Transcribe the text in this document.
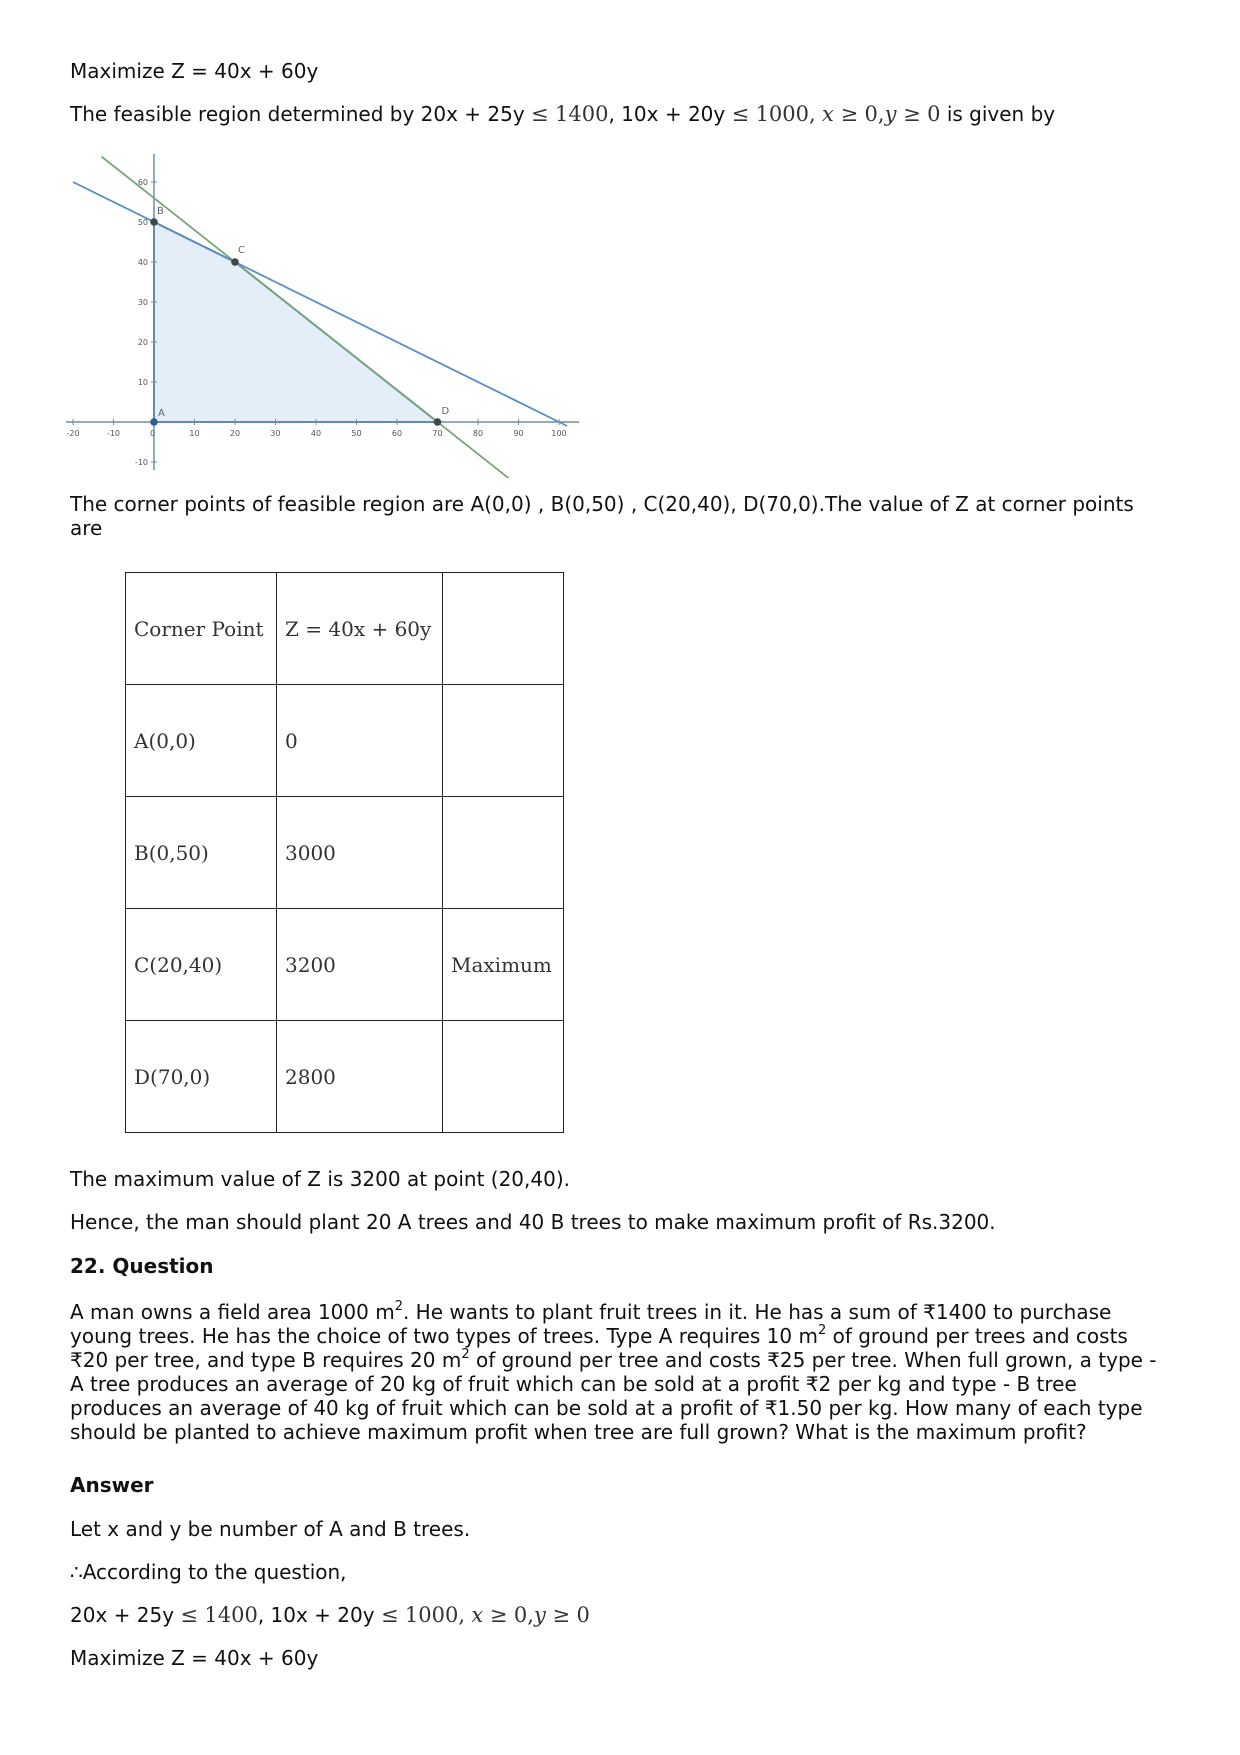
Maximize Z = 40x + 60y
The feasible region determined by 20x + 25y ≤ 1400, 10x + 20y ≤ 1000, x ≥ 0,y ≥ 0 is given by
-20	-10	0	10	20	30	40	50	60	70	80	90	100
-10
10
20
30
40
50
60
A
B
C
D
The corner points of feasible region are A(0,0) , B(0,50) , C(20,40), D(70,0).The value of Z at corner points
are
Corner Point	Z = 40x + 60y	
A(0,0)	0	
B(0,50)	3000	
C(20,40)	3200	Maximum
D(70,0)	2800	
The maximum value of Z is 3200 at point (20,40).
Hence, the man should plant 20 A trees and 40 B trees to make maximum profit of Rs.3200.
22. Question
A man owns a field area 1000 $m^2$. He wants to plant fruit trees in it. He has a sum of ₹1400 to purchase
young trees. He has the choice of two types of trees. Type A requires 10 $m^2$ of ground per trees and costs
₹20 per tree, and type B requires 20 $m^2$ of ground per tree and costs ₹25 per tree. When full grown, a type -
A tree produces an average of 20 kg of fruit which can be sold at a profit ₹2 per kg and type - B tree
produces an average of 40 kg of fruit which can be sold at a profit of ₹1.50 per kg. How many of each type
should be planted to achieve maximum profit when tree are full grown? What is the maximum profit?
Answer
Let x and y be number of A and B trees.
∴According to the question,
20x + 25y ≤ 1400, 10x + 20y ≤ 1000, x ≥ 0,y ≥ 0
Maximize Z = 40x + 60y
